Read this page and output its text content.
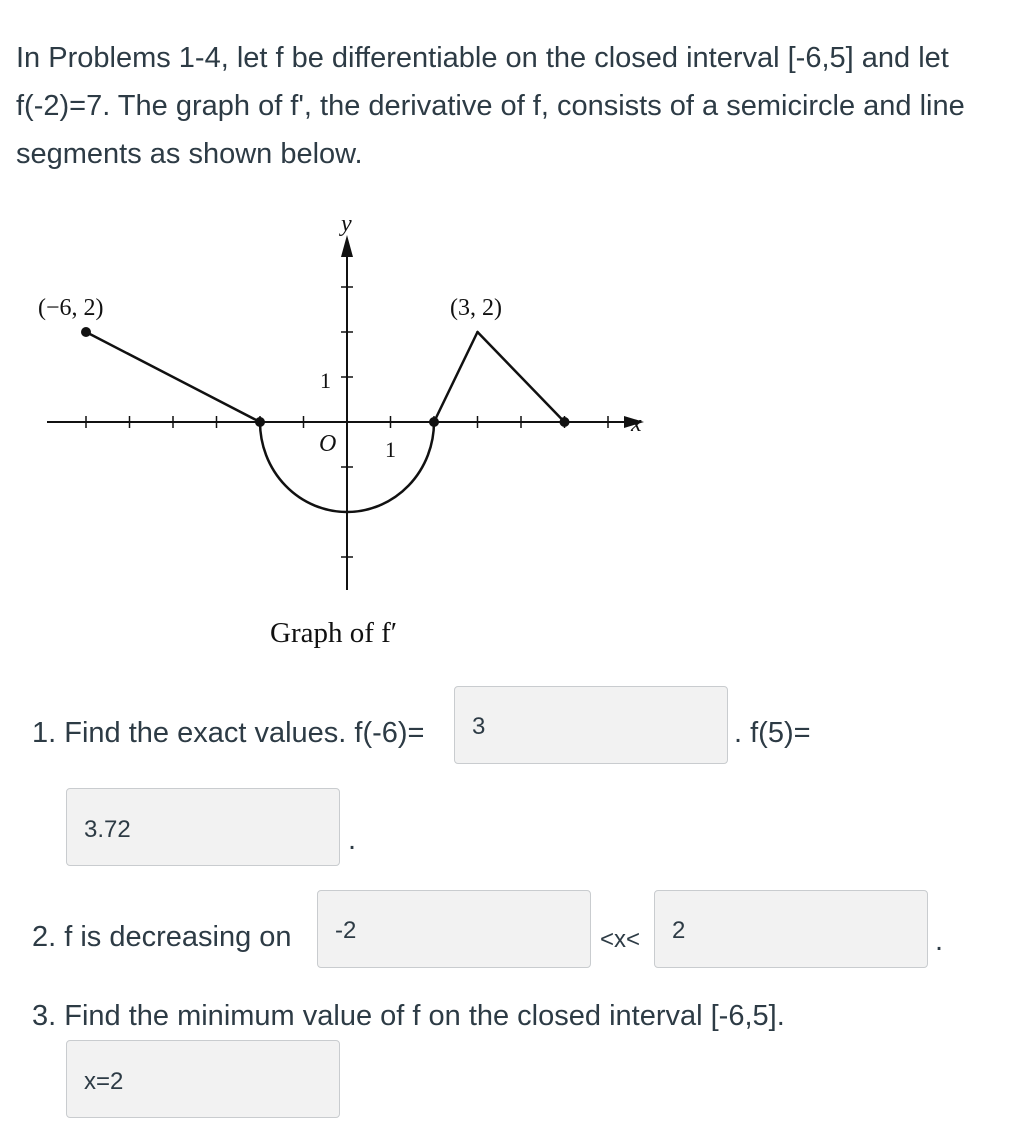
In Problems 1-4, let f be differentiable on the closed interval [-6,5] and let f(-2)=7. The graph of f', the derivative of f, consists of a semicircle and line segments as shown below.

y
x
O 1
1
(−6, 2)	(3, 2)
Graph of f′
1. Find the exact values. f(-6)= 3	. f(5)=
3.72	.
2. f is decreasing on -2	<x< 2	.
3. Find the minimum value of f on the closed interval [-6,5].
x=2
